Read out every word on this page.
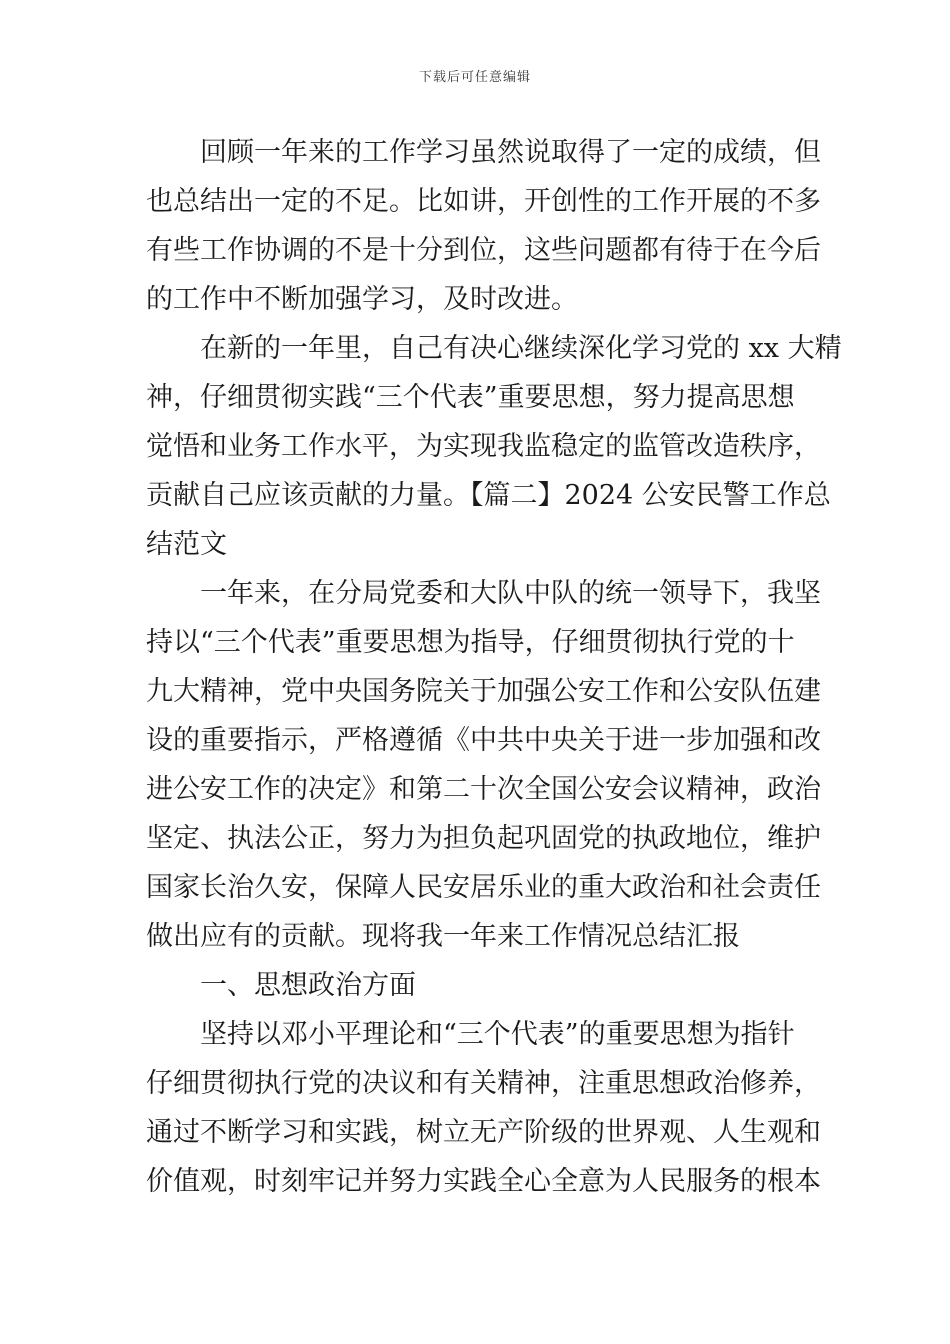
下载后可任意编辑
回顾一年来的工作学习虽然说取得了一定的成绩，但
也总结出一定的不足。比如讲，开创性的工作开展的不多
有些工作协调的不是十分到位，这些问题都有待于在今后
的工作中不断加强学习，及时改进。
在新的一年里，自己有决心继续深化学习党的 xx 大精
神，仔细贯彻实践“三个代表”重要思想，努力提高思想
觉悟和业务工作水平，为实现我监稳定的监管改造秩序，
贡献自己应该贡献的力量。【篇二】2024 公安民警工作总
结范文
一年来，在分局党委和大队中队的统一领导下，我坚
持以“三个代表”重要思想为指导，仔细贯彻执行党的十
九大精神，党中央国务院关于加强公安工作和公安队伍建
设的重要指示，严格遵循《中共中央关于进一步加强和改
进公安工作的决定》和第二十次全国公安会议精神，政治
坚定、执法公正，努力为担负起巩固党的执政地位，维护
国家长治久安，保障人民安居乐业的重大政治和社会责任
做出应有的贡献。现将我一年来工作情况总结汇报
一、思想政治方面
坚持以邓小平理论和“三个代表”的重要思想为指针
仔细贯彻执行党的决议和有关精神，注重思想政治修养，
通过不断学习和实践，树立无产阶级的世界观、人生观和
价值观，时刻牢记并努力实践全心全意为人民服务的根本
